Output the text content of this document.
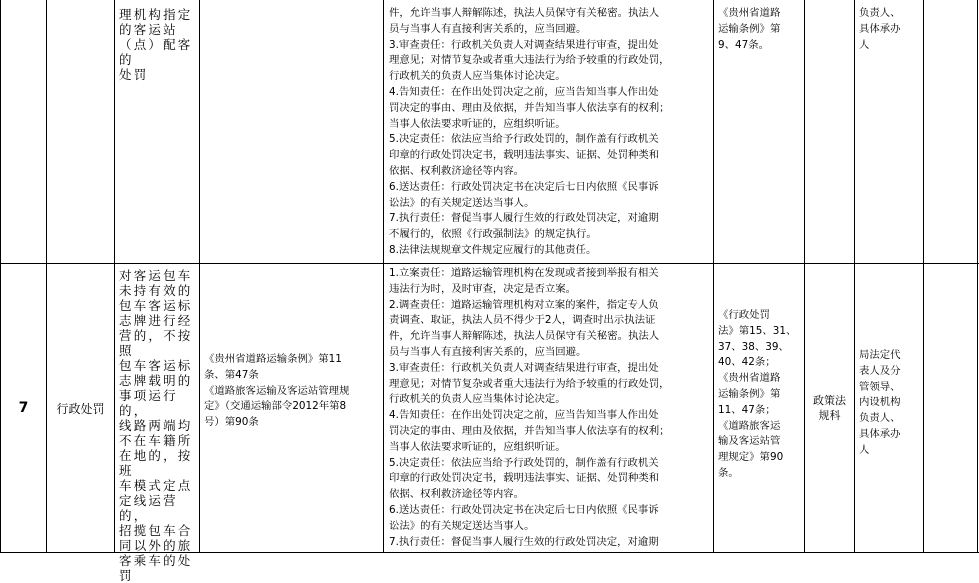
理机构指定
的客运站
（点）配客的
处罚
件，允许当事人辩解陈述，执法人员保守有关秘密。执法人
员与当事人有直接利害关系的，应当回避。
3.审查责任：行政机关负责人对调查结果进行审查，提出处
理意见；对情节复杂或者重大违法行为给予较重的行政处罚，
行政机关的负责人应当集体讨论决定。
4.告知责任：在作出处罚决定之前，应当告知当事人作出处
罚决定的事由、理由及依据，并告知当事人依法享有的权利；
当事人依法要求听证的，应组织听证。
5.决定责任：依法应当给予行政处罚的，制作盖有行政机关
印章的行政处罚决定书，载明违法事实、证据、处罚种类和
依据、权利救济途径等内容。
6.送达责任：行政处罚决定书在决定后七日内依照《民事诉
讼法》的有关规定送达当事人。
7.执行责任：督促当事人履行生效的行政处罚决定，对逾期
不履行的，依照《行政强制法》的规定执行。
8.法律法规规章文件规定应履行的其他责任。
《贵州省道路
运输条例》第
9、47条。
负责人、
具体承办
人
7	行政处罚
对客运包车
未持有效的
包车客运标
志牌进行经
营的，不按照
包车客运标
志牌载明的
事项运行的，
线路两端均
不在车籍所
在地的，按班
车模式定点
定线运营的，
招揽包车合
同以外的旅
客乘车的处
罚
《贵州省道路运输条例》第11
条、第47条
《道路旅客运输及客运站管理规
定》（交通运输部令2012年第8
号）第90条
1.立案责任：道路运输管理机构在发现或者接到举报有相关
违法行为时，及时审查，决定是否立案。
2.调查责任：道路运输管理机构对立案的案件，指定专人负
责调查、取证，执法人员不得少于2人，调查时出示执法证
件，允许当事人辩解陈述，执法人员保守有关秘密。执法人
员与当事人有直接利害关系的，应当回避。
3.审查责任：行政机关负责人对调查结果进行审查，提出处
理意见；对情节复杂或者重大违法行为给予较重的行政处罚，
行政机关的负责人应当集体讨论决定。
4.告知责任：在作出处罚决定之前，应当告知当事人作出处
罚决定的事由、理由及依据，并告知当事人依法享有的权利；
当事人依法要求听证的，应组织听证。
5.决定责任：依法应当给予行政处罚的，制作盖有行政机关
印章的行政处罚决定书，载明违法事实、证据、处罚种类和
依据、权利救济途径等内容。
6.送达责任：行政处罚决定书在决定后七日内依照《民事诉
讼法》的有关规定送达当事人。
7.执行责任：督促当事人履行生效的行政处罚决定，对逾期
《行政处罚
法》第15、31、
37、38、39、
40、42条；
《贵州省道路
运输条例》第
11、47条；
《道路旅客运
输及客运站管
理规定》第90
条。
政策法
规科
局法定代
表人及分
管领导、
内设机构
负责人、
具体承办
人
